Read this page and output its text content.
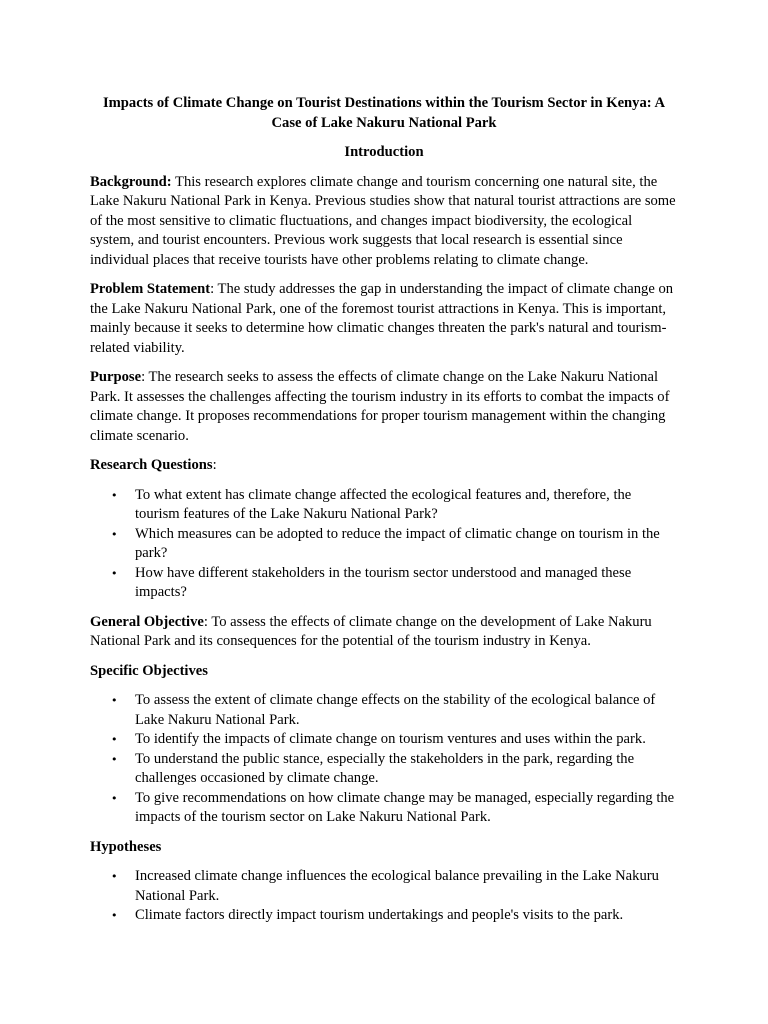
Impacts of Climate Change on Tourist Destinations within the Tourism Sector in Kenya: A Case of Lake Nakuru National Park
Introduction

Background: This research explores climate change and tourism concerning one natural site, the Lake Nakuru National Park in Kenya. Previous studies show that natural tourist attractions are some of the most sensitive to climatic fluctuations, and changes impact biodiversity, the ecological system, and tourist encounters. Previous work suggests that local research is essential since individual places that receive tourists have other problems relating to climate change.

Problem Statement: The study addresses the gap in understanding the impact of climate change on the Lake Nakuru National Park, one of the foremost tourist attractions in Kenya. This is important, mainly because it seeks to determine how climatic changes threaten the park's natural and tourism-related viability.

Purpose: The research seeks to assess the effects of climate change on the Lake Nakuru National Park. It assesses the challenges affecting the tourism industry in its efforts to combat the impacts of climate change. It proposes recommendations for proper tourism management within the changing climate scenario.

Research Questions:

• To what extent has climate change affected the ecological features and, therefore, the tourism features of the Lake Nakuru National Park?
• Which measures can be adopted to reduce the impact of climatic change on tourism in the park?
• How have different stakeholders in the tourism sector understood and managed these impacts?

General Objective: To assess the effects of climate change on the development of Lake Nakuru National Park and its consequences for the potential of the tourism industry in Kenya.

Specific Objectives

• To assess the extent of climate change effects on the stability of the ecological balance of Lake Nakuru National Park.
• To identify the impacts of climate change on tourism ventures and uses within the park.
• To understand the public stance, especially the stakeholders in the park, regarding the challenges occasioned by climate change.
• To give recommendations on how climate change may be managed, especially regarding the impacts of the tourism sector on Lake Nakuru National Park.

Hypotheses

• Increased climate change influences the ecological balance prevailing in the Lake Nakuru National Park.
• Climate factors directly impact tourism undertakings and people's visits to the park.
